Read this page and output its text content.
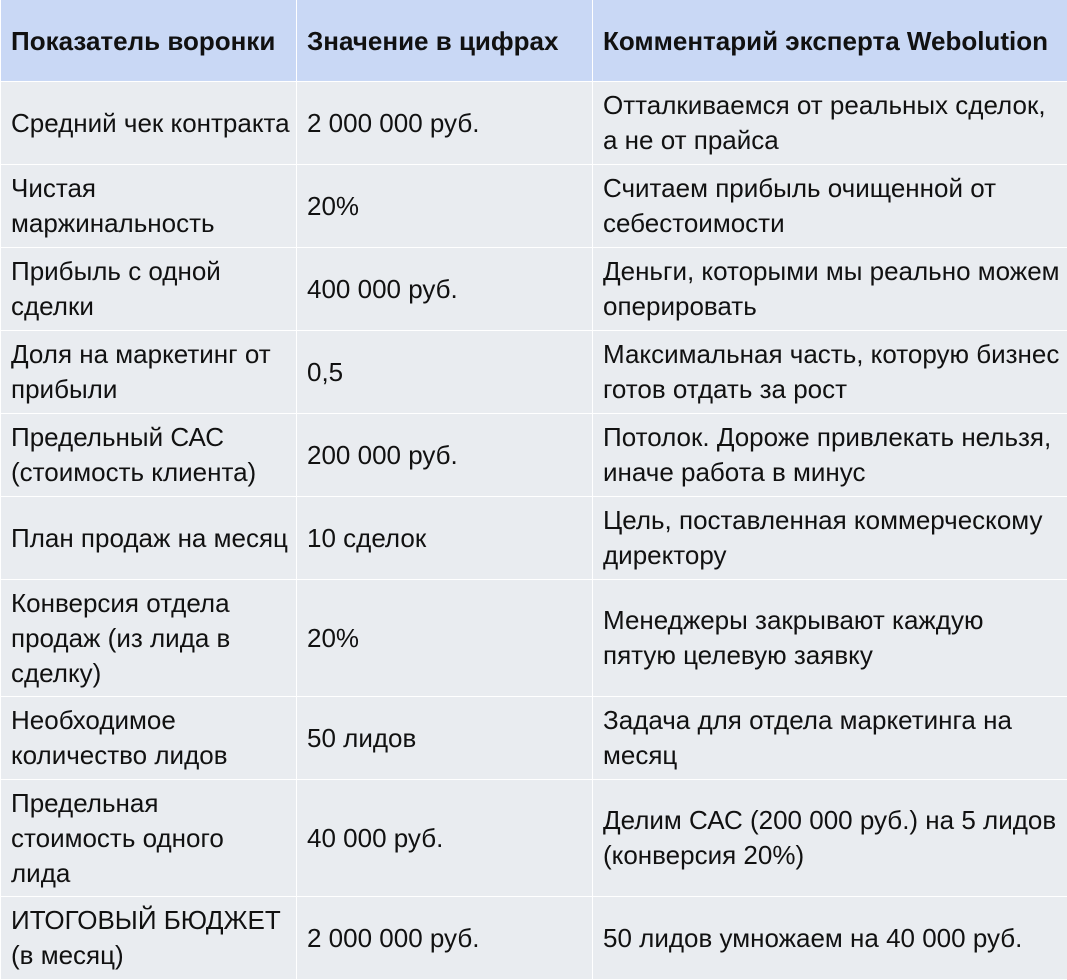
Показатель воронки	Значение в цифрах	Комментарий эксперта Webolution
Средний чек контракта	2 000 000 руб.	Отталкиваемся от реальных сделок, а не от прайса
Чистая маржинальность	20%	Считаем прибыль очищенной от себестоимости
Прибыль с одной сделки	400 000 руб.	Деньги, которыми мы реально можем оперировать
Доля на маркетинг от прибыли	0,5	Максимальная часть, которую бизнес готов отдать за рост
Предельный САС (стоимость клиента)	200 000 руб.	Потолок. Дороже привлекать нельзя, иначе работа в минус
План продаж на месяц	10 сделок	Цель, поставленная коммерческому директору
Конверсия отдела продаж (из лида в сделку)	20%	Менеджеры закрывают каждую пятую целевую заявку
Необходимое количество лидов	50 лидов	Задача для отдела маркетинга на месяц
Предельная стоимость одного лида	40 000 руб.	Делим САС (200 000 руб.) на 5 лидов (конверсия 20%)
ИТОГОВЫЙ БЮДЖЕТ (в месяц)	2 000 000 руб.	50 лидов умножаем на 40 000 руб.
